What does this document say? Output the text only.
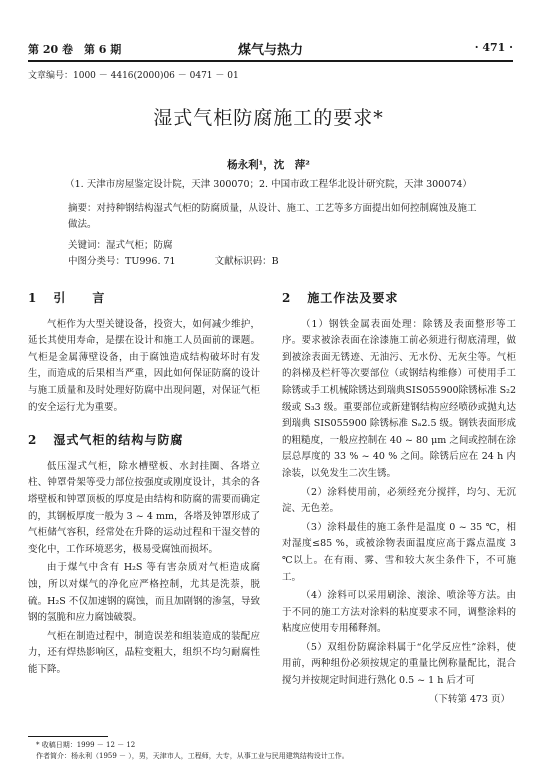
第 20 卷　第 6 期	煤气与热力	· 471 ·
文章编号：1000 － 4416(2000)06 － 0471 － 01
湿式气柜防腐施工的要求*
杨永利¹，沈　萍²
（1. 天津市房屋鉴定设计院，天津 300070；2. 中国市政工程华北设计研究院，天津 300074）
摘要：对持种钢结构湿式气柜的防腐质量，从设计、施工、工艺等多方面提出如何控制腐蚀及施工做法。
关键词：湿式气柜；防腐
中图分类号：TU996. 71	文献标识码：B
1 引　　言

气柜作为大型关键设备，投资大，如何减少维护，延长其使用寿命，是摆在设计和施工人员面前的课题。气柜是金属薄壁设备，由于腐蚀造成结构破坏时有发生，而造成的后果相当严重，因此如何保证防腐的设计与施工质量和及时处理好防腐中出现问题，对保证气柜的安全运行尤为重要。

2 湿式气柜的结构与防腐

低压湿式气柜，除水槽壁板、水封挂圈、各塔立柱、钟罩骨架等受力部位按强度或刚度设计，其余的各塔壁板和钟罩顶板的厚度是由结构和防腐的需要而确定的，其钢板厚度一般为 3 ~ 4 mm，各塔及钟罩形成了气柜储气容积，经常处在升降的运动过程和干湿交替的变化中，工作环境恶劣，极易受腐蚀而损坏。

由于煤气中含有 H₂S 等有害杂质对气柜造成腐蚀，所以对煤气的净化应严格控制，尤其是洗萘，脱硫。H₂S 不仅加速钢的腐蚀，而且加剧钢的渗氢，导致钢的氢脆和应力腐蚀破裂。

气柜在制造过程中，制造误差和组装造成的装配应力，还有焊热影响区，晶粒变粗大，组织不均匀耐腐性能下降。

2 施工作法及要求

（1）钢铁金属表面处理：除锈及表面整形等工序。要求被涂表面在涂漆施工前必须进行彻底清理，做到被涂表面无锈迹、无油污、无水份、无灰尘等。气柜的斜梯及栏杆等次要部位（或钢结构维修）可使用手工除锈或手工机械除锈达到瑞典SIS055900除锈标准 S₂2 级或 S₃3 级。重要部位或新建钢结构应经喷砂或抛丸达到瑞典 SIS055900 除锈标准 Sₐ2.5 级。钢铁表面形成的粗糙度，一般应控制在 40 ~ 80 μm 之间或控制在涂层总厚度的 33 % ~ 40 % 之间。除锈后应在 24 h 内涂装，以免发生二次生锈。

（2）涂料使用前，必须经充分搅拌，均匀、无沉淀、无色差。

（3）涂料最佳的施工条件是温度 0 ~ 35 ℃，相对湿度≤85 %，或被涂物表面温度应高于露点温度 3 ℃以上。在有雨、雾、雪和较大灰尘条件下，不可施工。

（4）涂料可以采用刷涂、滚涂、喷涂等方法。由于不同的施工方法对涂料的粘度要求不同，调整涂料的粘度应使用专用稀释剂。

（5）双组份防腐涂料属于“化学反应性”涂料，使用前，两种组份必须按规定的重量比例称量配比，混合搅匀并按规定时间进行熟化 0.5 ~ 1 h 后才可

（下转第 473 页）
* 收稿日期：1999 － 12 － 12
作者简介：杨永利（1959 － ），男，天津市人，工程师，大专，从事工业与民用建筑结构设计工作。
